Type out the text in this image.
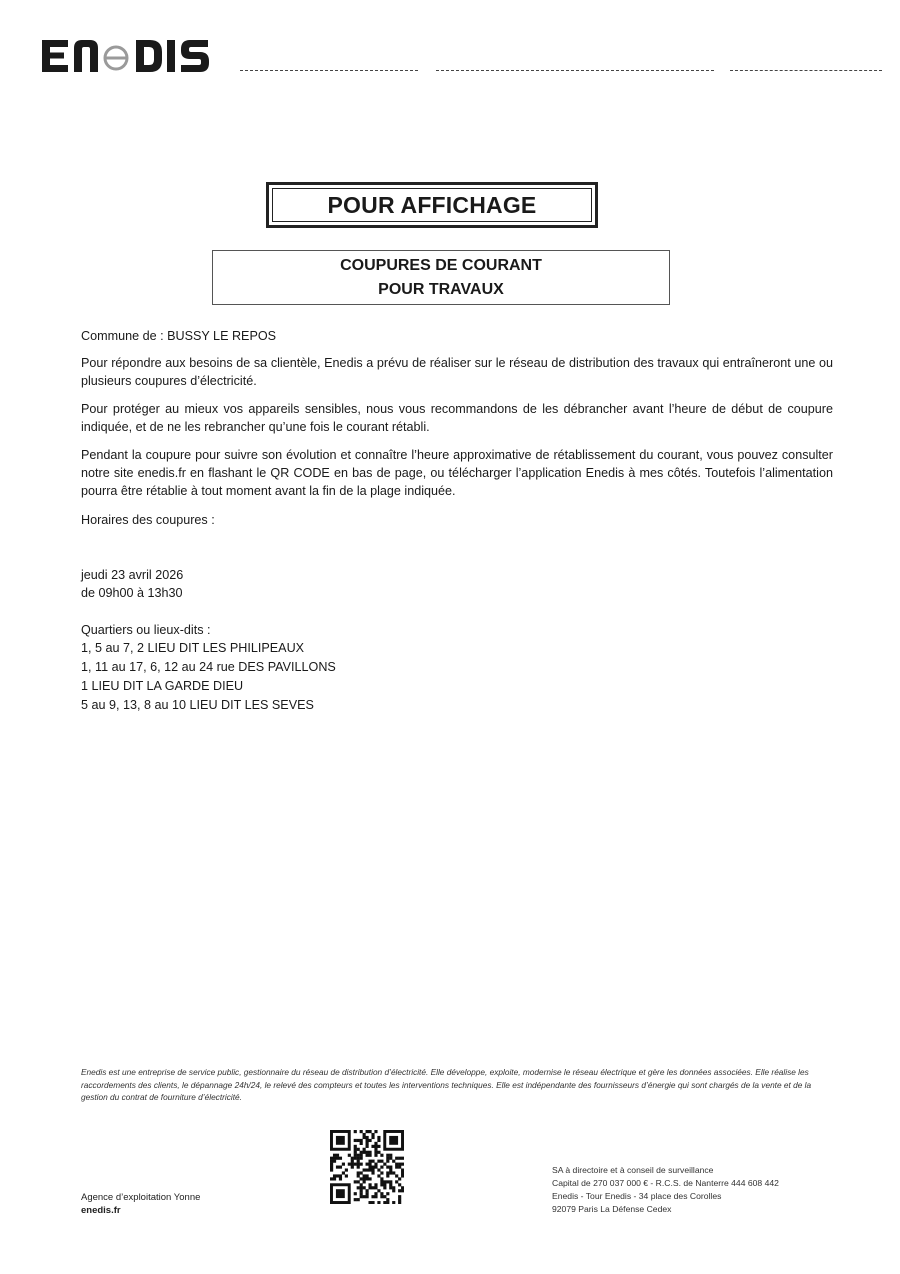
POUR AFFICHAGE
COUPURES DE COURANT
POUR TRAVAUX
Commune de : BUSSY LE REPOS
Pour répondre aux besoins de sa clientèle, Enedis a prévu de réaliser sur le réseau de distribution des travaux qui entraîneront une ou plusieurs coupures d’électricité.
Pour protéger au mieux vos appareils sensibles, nous vous recommandons de les débrancher avant l’heure de début de coupure indiquée, et de ne les rebrancher qu’une fois le courant rétabli.
Pendant la coupure pour suivre son évolution et connaître l’heure approximative de rétablissement du courant, vous pouvez consulter notre site enedis.fr en flashant le QR CODE en bas de page, ou télécharger l’application Enedis à mes côtés. Toutefois l’alimentation pourra être rétablie à tout moment avant la fin de la plage indiquée.
Horaires des coupures :
jeudi 23 avril 2026
de 09h00 à 13h30
Quartiers ou lieux-dits :
1, 5 au 7, 2 LIEU DIT LES PHILIPEAUX
1, 11 au 17, 6, 12 au 24 rue DES PAVILLONS
1 LIEU DIT LA GARDE DIEU
5 au 9, 13, 8 au 10 LIEU DIT LES SEVES
Enedis est une entreprise de service public, gestionnaire du réseau de distribution d’électricité. Elle développe, exploite, modernise le réseau électrique et gère les données associées. Elle réalise les raccordements des clients, le dépannage 24h/24, le relevé des compteurs et toutes les interventions techniques. Elle est indépendante des fournisseurs d’énergie qui sont chargés de la vente et de la gestion du contrat de fourniture d’électricité.
Agence d’exploitation Yonne
enedis.fr
SA à directoire et à conseil de surveillance
Capital de 270 037 000 € - R.C.S. de Nanterre 444 608 442
Enedis - Tour Enedis - 34 place des Corolles
92079 Paris La Défense Cedex
